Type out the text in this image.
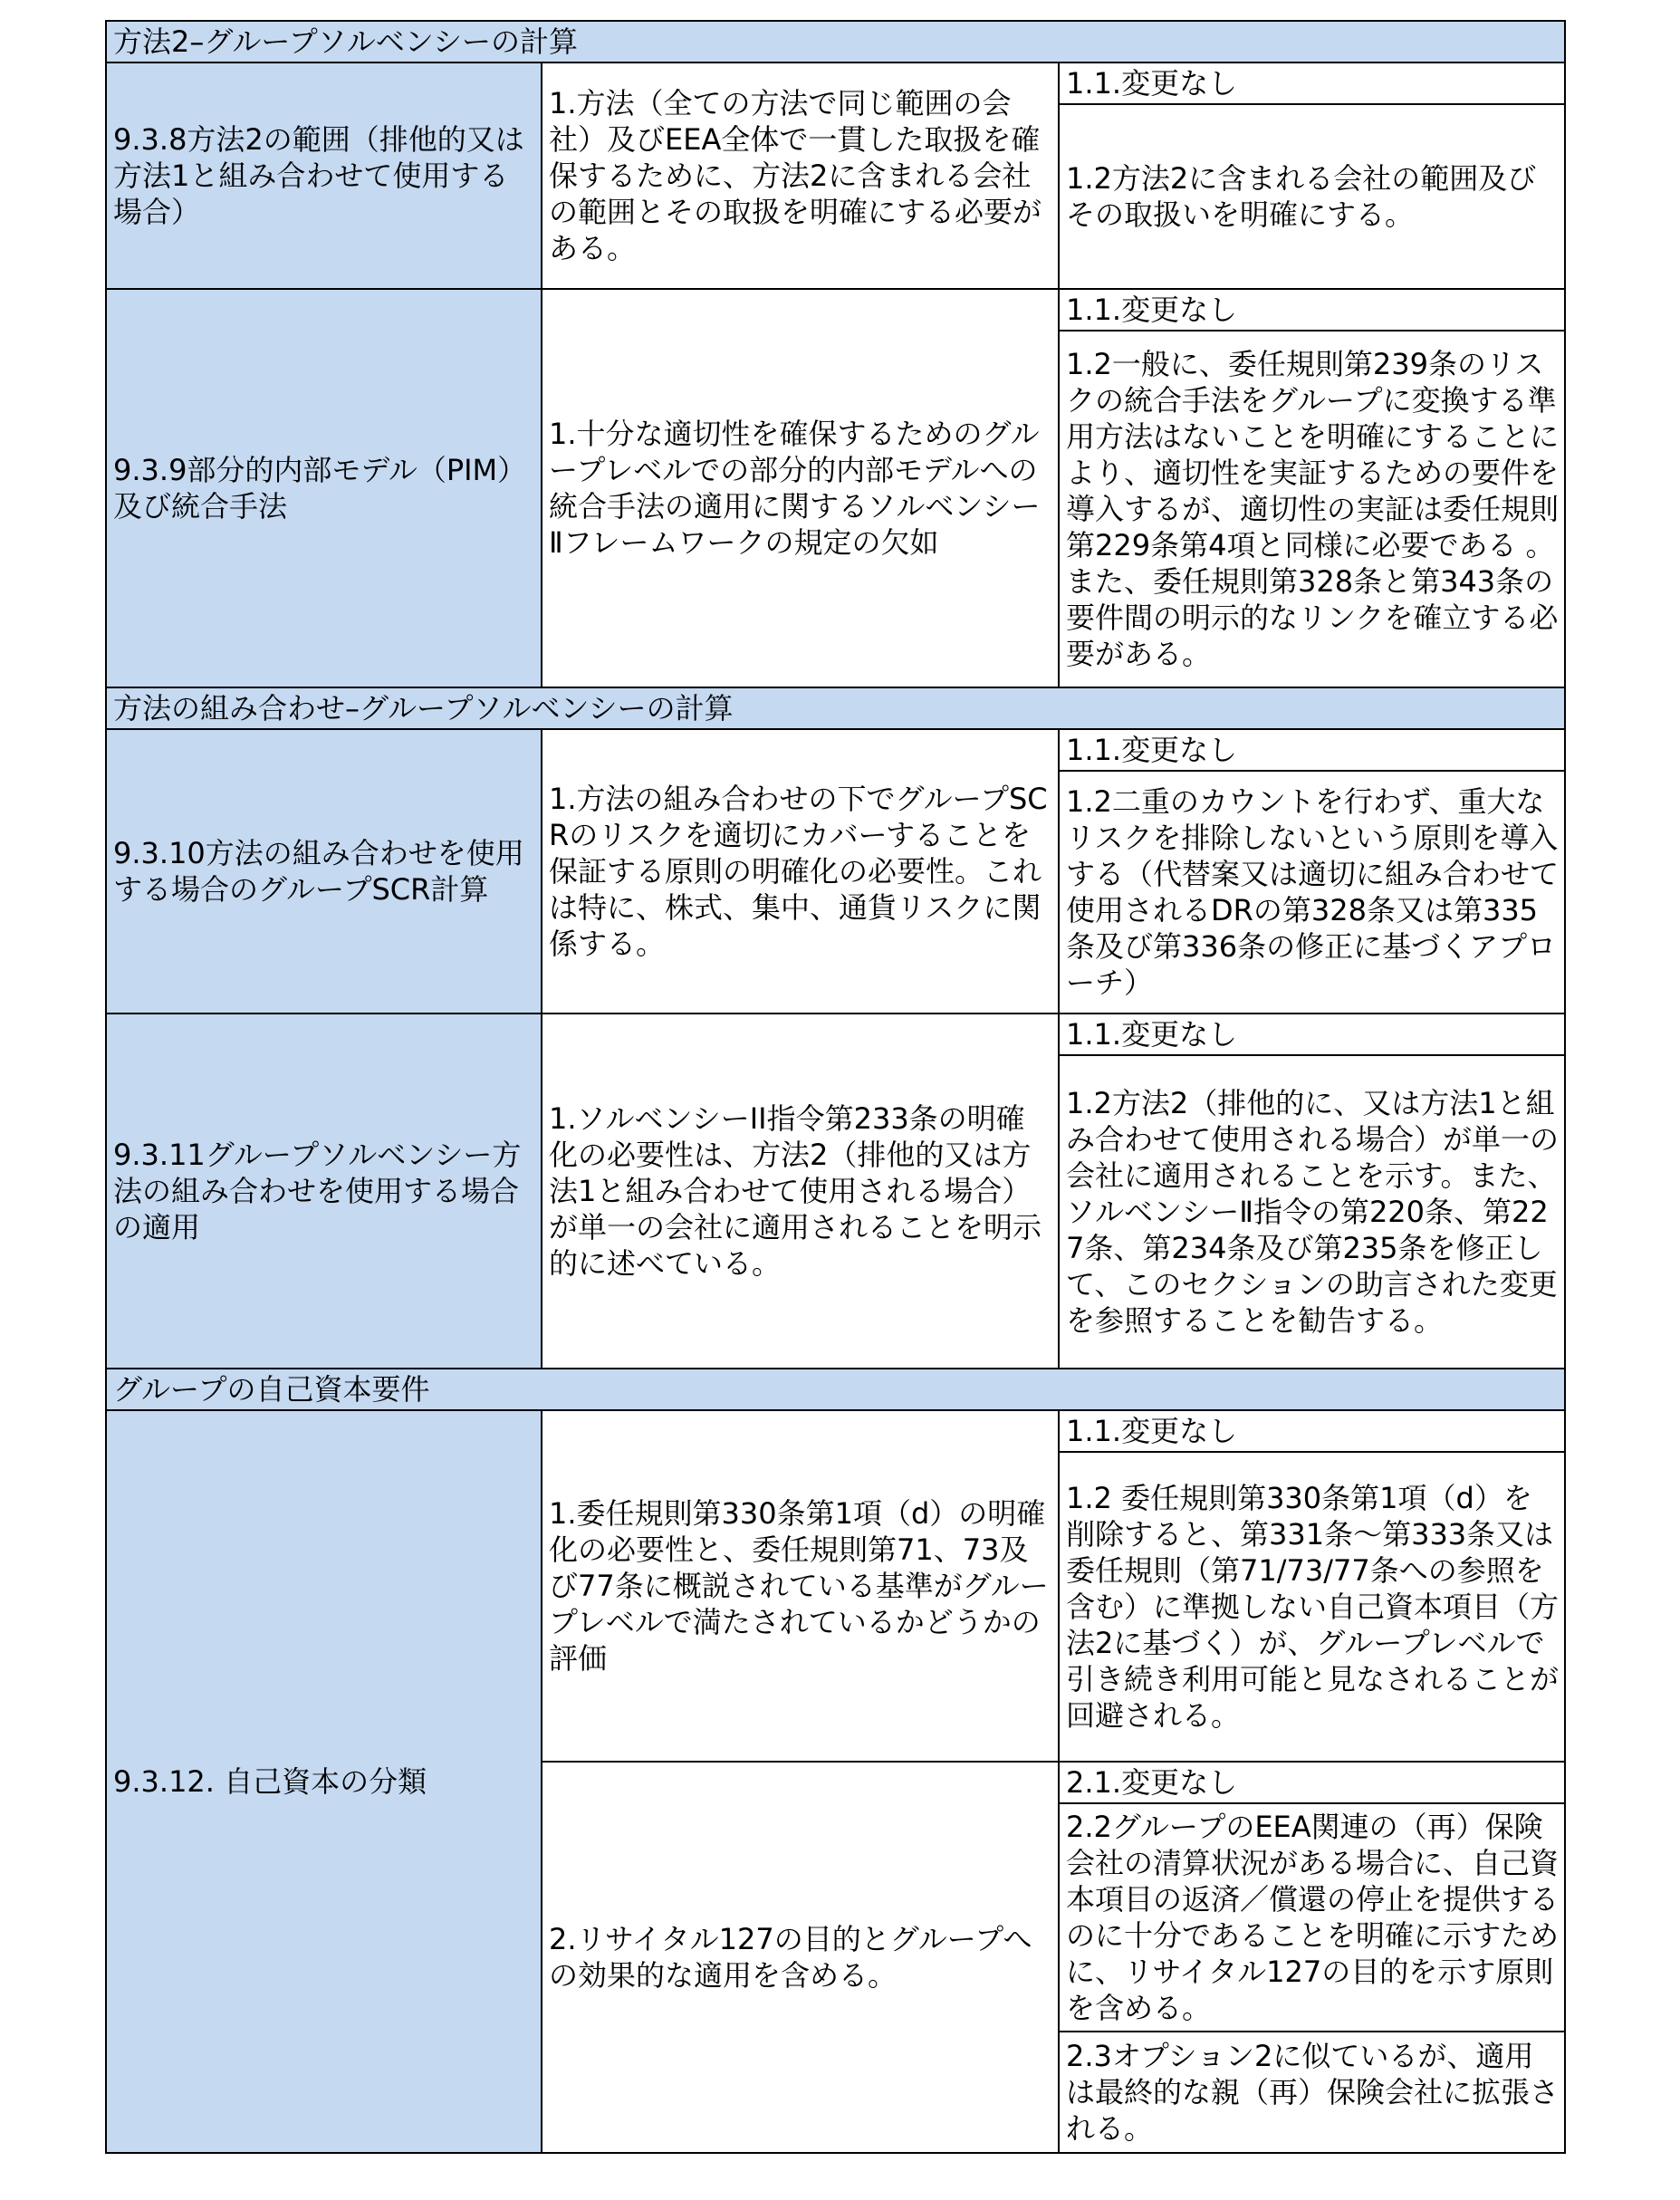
方法2–グループソルベンシーの計算		
9.3.8方法2の範囲（排他的又は方法1と組み合わせて使用する場合）	1.方法（全ての方法で同じ範囲の会社）及びEEA全体で一貫した取扱を確保するために、方法2に含まれる会社の範囲とその取扱を明確にする必要がある。	1.1.変更なし
		1.2方法2に含まれる会社の範囲及びその取扱いを明確にする。
9.3.9部分的内部モデル（PIM）及び統合手法	1.十分な適切性を確保するためのグループレベルでの部分的内部モデルへの統合手法の適用に関するソルベンシーⅡフレームワークの規定の欠如	1.1.変更なし
		1.2一般に、委任規則第239条のリスクの統合手法をグループに変換する準用方法はないことを明確にすることにより、適切性を実証するための要件を導入するが、適切性の実証は委任規則第229条第4項と同様に必要である 。また、委任規則第328条と第343条の要件間の明示的なリンクを確立する必要がある。
方法の組み合わせ–グループソルベンシーの計算		
9.3.10方法の組み合わせを使用する場合のグループSCR計算	1.方法の組み合わせの下でグループSCRのリスクを適切にカバーすることを保証する原則の明確化の必要性。これは特に、株式、集中、通貨リスクに関係する。	1.1.変更なし
		1.2二重のカウントを行わず、重大なリスクを排除しないという原則を導入する（代替案又は適切に組み合わせて使用されるDRの第328条又は第335条及び第336条の修正に基づくアプローチ）
9.3.11グループソルベンシー方法の組み合わせを使用する場合の適用	1.ソルベンシーII指令第233条の明確化の必要性は、方法2（排他的又は方法1と組み合わせて使用される場合）が単一の会社に適用されることを明示的に述べている。	1.1.変更なし
		1.2方法2（排他的に、又は方法1と組み合わせて使用される場合）が単一の会社に適用されることを示す。また、ソルベンシーⅡ指令の第220条、第227条、第234条及び第235条を修正して、このセクションの助言された変更を参照することを勧告する。
グループの自己資本要件		
9.3.12. 自己資本の分類	1.委任規則第330条第1項（d）の明確化の必要性と、委任規則第71、73及び77条に概説されている基準がグループレベルで満たされているかどうかの評価	1.1.変更なし
		1.2 委任規則第330条第1項（d）を削除すると、第331条～第333条又は委任規則（第71/73/77条への参照を含む）に準拠しない自己資本項目（方法2に基づく）が、グループレベルで引き続き利用可能と見なされることが回避される。
	2.リサイタル127の目的とグループへの効果的な適用を含める。	2.1.変更なし
		2.2グループのEEA関連の（再）保険会社の清算状況がある場合に、自己資本項目の返済／償還の停止を提供するのに十分であることを明確に示すために、リサイタル127の目的を示す原則を含める。
		2.3オプション2に似ているが、適用は最終的な親（再）保険会社に拡張される。
